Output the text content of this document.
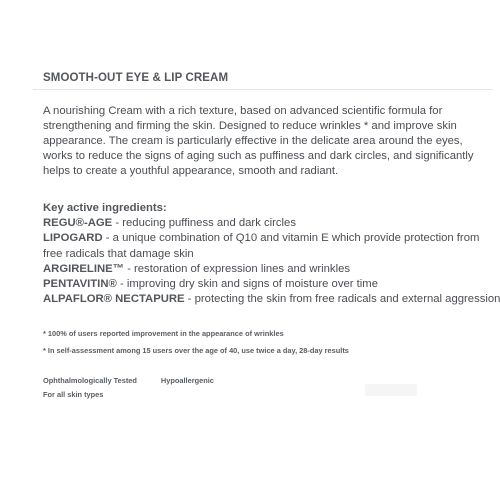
SMOOTH-OUT EYE & LIP CREAM
A nourishing Cream with a rich texture, based on advanced scientific formula for
strengthening and firming the skin. Designed to reduce wrinkles * and improve skin
appearance. The cream is particularly effective in the delicate area around the eyes,
works to reduce the signs of aging such as puffiness and dark circles, and significantly
helps to create a youthful appearance, smooth and radiant.
Key active ingredients:
REGU®-AGE - reducing puffiness and dark circles
LIPOGARD - a unique combination of Q10 and vitamin E which provide protection from
free radicals that damage skin
ARGIRELINE™ - restoration of expression lines and wrinkles
PENTAVITIN® - improving dry skin and signs of moisture over time
ALPAFLOR® NECTAPURE - protecting the skin from free radicals and external aggression
* 100% of users reported improvement in the appearance of wrinkles
* In self-assessment among 15 users over the age of 40, use twice a day, 28-day results
Ophthalmologically Tested	Hypoallergenic
For all skin types
